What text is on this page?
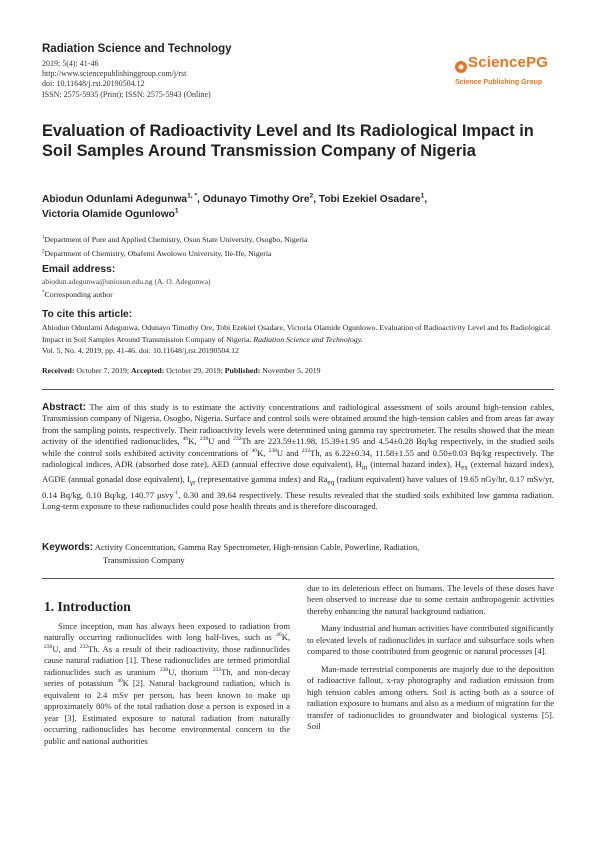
Radiation Science and Technology
2019; 5(4): 41-46
http://www.sciencepublishinggroup.com/j/rst
doi: 10.11648/j.rst.20190504.12
ISSN: 2575-5935 (Print); ISSN: 2575-5943 (Online)
SciencePG
Science Publishing Group
Evaluation of Radioactivity Level and Its Radiological Impact in Soil Samples Around Transmission Company of Nigeria
Abiodun Odunlami Adegunwa$^{1, *}$, Odunayo Timothy Ore$^2$, Tobi Ezekiel Osadare$^1$,
Victoria Olamide Ogunlowo$^1$
$^1$Department of Pure and Applied Chemistry, Osun State University, Osogbo, Nigeria
$^2$Department of Chemistry, Obafemi Awolowo University, Ile-Ife, Nigeria
Email address:
abiodun.adegunwa@uniosun.edu.ng (A. O. Adegunwa)
*Corresponding author
To cite this article:
Abiodun Odunlami Adegunwa, Odunayo Timothy Ore, Tobi Ezekiel Osadare, Victoria Olamide Ogunlowo. Evaluation of Radioactivity Level and Its Radiological Impact in Soil Samples Around Transmission Company of Nigeria. Radiation Science and Technology.
Vol. 5, No. 4, 2019, pp. 41-46. doi: 10.11648/j.rst.20190504.12
Received: October 7, 2019; Accepted: October 29, 2019; Published: November 5, 2019
Abstract: The aim of this study is to estimate the activity concentrations and radiological assessment of soils around high-tension cables, Transmission company of Nigeria, Osogbo, Nigeria. Surface and control soils were obtained around the high-tension cables and from areas far away from the sampling points, respectively. Their radioactivity levels were determined using gamma ray spectrometer. The results showed that the mean activity of the identified radionuclides, $^{40}$K, $^{238}$U and $^{232}$Th are 223.59±11.98, 15.39±1.95 and 4.54±0.28 Bq/kg respectively, in the studied soils while the control soils exhibited activity concentrations of $^{40}$K, $^{238}$U and $^{232}$Th, as 6.22±0.34, 11.58±1.55 and 0.50±0.03 Bq/kg respectively. The radiological indices, ADR (absorbed dose rate), AED (annual effective dose equivalent), $H_{in}$ (internal hazard index), $H_{ex}$ (external hazard index), AGDE (annual gonadal dose equivalent), $I_{\gamma r}$ (representative gamma index) and $Ra_{eq}$ (radium equivalent) have values of 19.65 nGy/hr, 0.17 mSv/yr, 0.14 Bq/kg, 0.10 Bq/kg, 140.77 μsvy$^{-1}$, 0.30 and 39.64 respectively. These results revealed that the studied soils exhibited low gamma radiation. Long-term exposure to these radionuclides could pose health threats and is therefore discouraged.
Keywords: Activity Concentration, Gamma Ray Spectrometer, High-tension Cable, Powerline, Radiation,
Transmission Company
1. Introduction

Since inception, man has always been exposed to radiation from naturally occurring radionuclides with long half-lives, such as $^{40}$K, $^{238}$U, and $^{232}$Th. As a result of their radioactivity, those radionuclides cause natural radiation [1]. These radionuclides are termed primordial radionuclides such as uranium $^{238}$U, thorium $^{232}$Th, and non-decay series of potassium $^{40}$K [2]. Natural background radiation, which is equivalent to 2.4 mSv per person, has been known to make up approximately 80% of the total radiation dose a person is exposed in a year [3]. Estimated exposure to natural radiation from naturally occurring radionuclides has become environmental concern to the public and national authorities

due to its deleterious effect on humans. The levels of these doses have been observed to increase due to some certain anthropogenic activities thereby enhancing the natural background radiation.

Many industrial and human activities have contributed significantly to elevated levels of radionuclides in surface and subsurface soils when compared to those contributed from geogenic or natural processes [4].

Man-made terrestrial components are majorly due to the deposition of radioactive fallout, x-ray photography and radiation emission from high tension cables among others. Soil is acting both as a source of radiation exposure to humans and also as a medium of migration for the transfer of radionuclides to groundwater and biological systems [5]. Soil
